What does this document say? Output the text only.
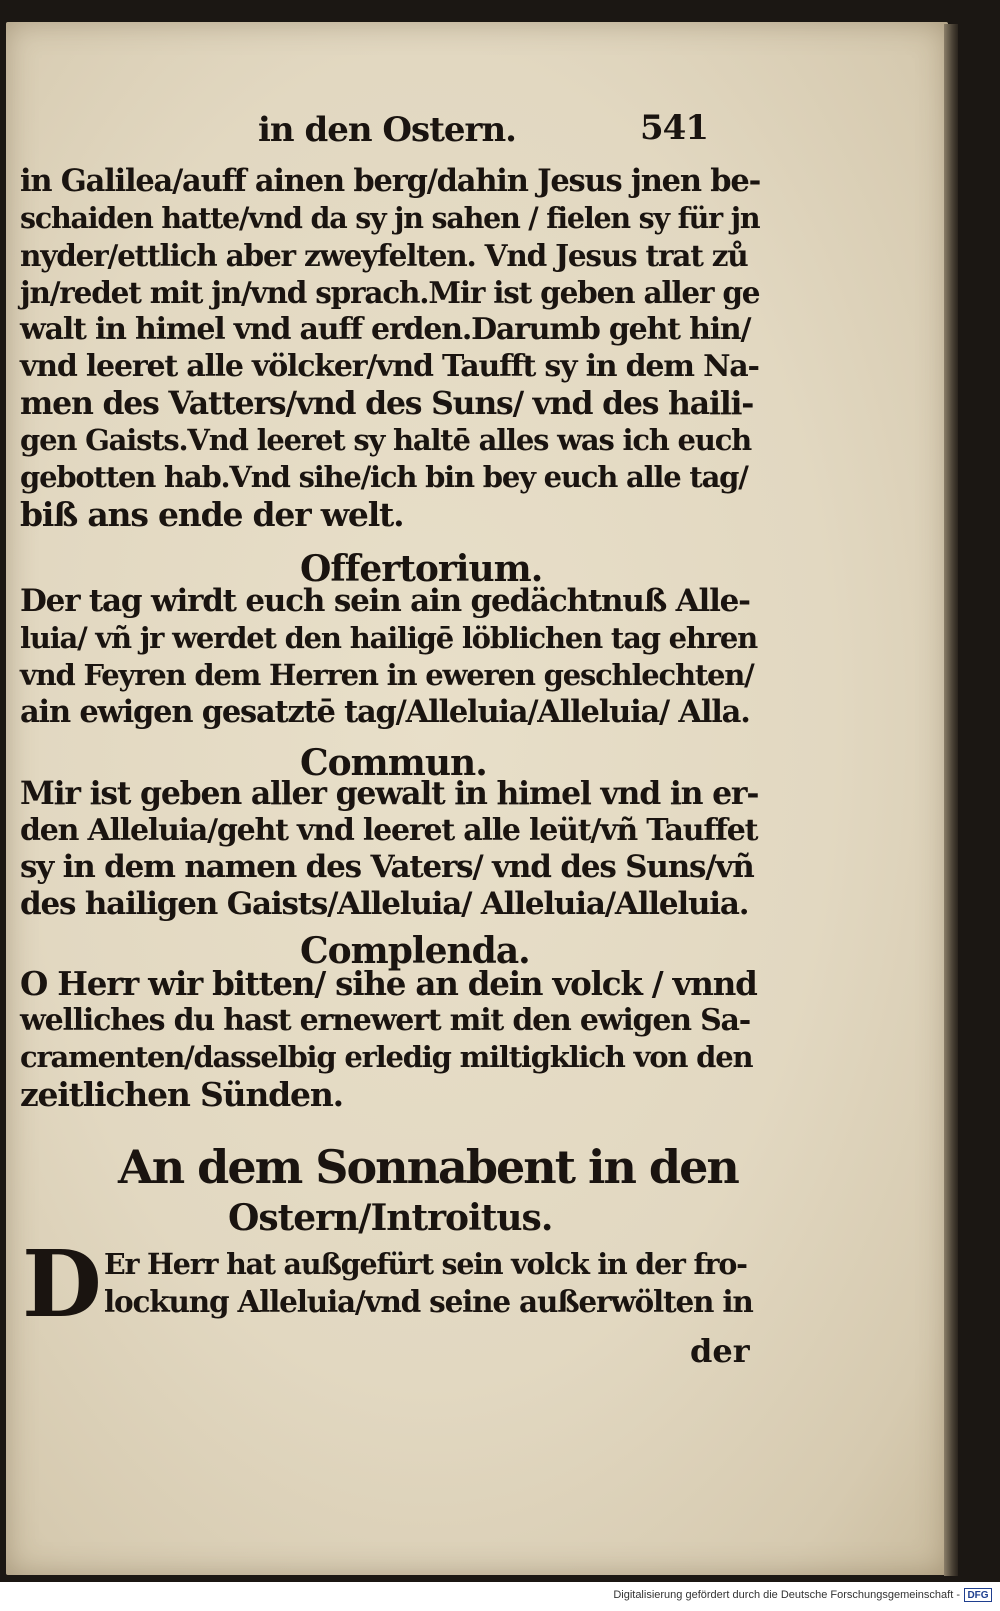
in den Ostern.	541
in Galilea/auff ainen berg/dahin Jesus jnen be-
schaiden hatte/vnd da sy jn sahen / fielen sy für jn
nyder/ettlich aber zweyfelten. Vnd Jesus trat zů
jn/redet mit jn/vnd sprach.Mir ist geben aller ge
walt in himel vnd auff erden.Darumb geht hin/
vnd leeret alle völcker/vnd Taufft sy in dem Na-
men des Vatters/vnd des Suns/ vnd des haili-
gen Gaists.Vnd leeret sy haltē alles was ich euch
gebotten hab.Vnd sihe/ich bin bey euch alle tag/
biß ans ende der welt.
Offertorium.
Der tag wirdt euch sein ain gedächtnuß Alle-
luia/ vñ jr werdet den hailigē löblichen tag ehren
vnd Feyren dem Herren in eweren geschlechten/
ain ewigen gesatztē tag/Alleluia/Alleluia/ Alla.
Commun.
Mir ist geben aller gewalt in himel vnd in er-
den Alleluia/geht vnd leeret alle leüt/vñ Tauffet
sy in dem namen des Vaters/ vnd des Suns/vñ
des hailigen Gaists/Alleluia/ Alleluia/Alleluia.
Complenda.
O Herr wir bitten/ sihe an dein volck / vnnd
welliches du hast ernewert mit den ewigen Sa-
cramenten/dasselbig erledig miltigklich von den
zeitlichen Sünden.
An dem Sonnabent in den
Ostern/Introitus.
D Er Herr hat außgefürt sein volck in der fro-
lockung Alleluia/vnd seine außerwölten in
der
Digitalisierung gefördert durch die Deutsche Forschungsgemeinschaft - DFG
